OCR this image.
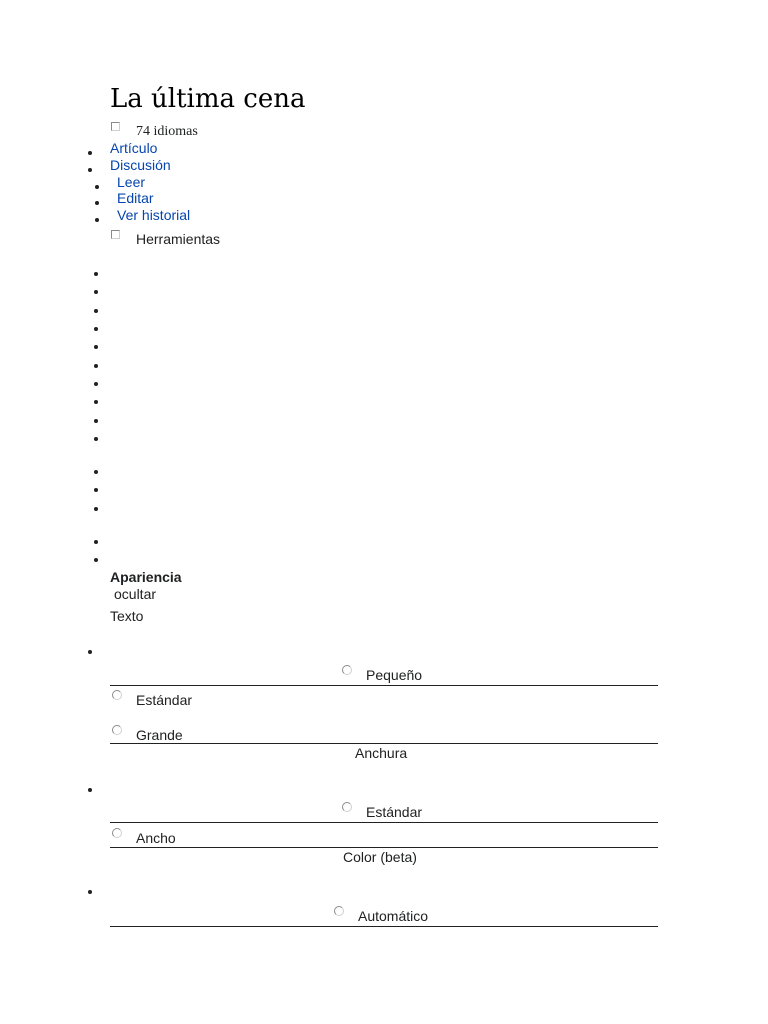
La última cena
74 idiomas
Artículo
Discusión
Leer
Editar
Ver historial
Herramientas
Apariencia
ocultar
Texto
Pequeño
Estándar
Grande
Anchura
Estándar
Ancho
Color (beta)
Automático
